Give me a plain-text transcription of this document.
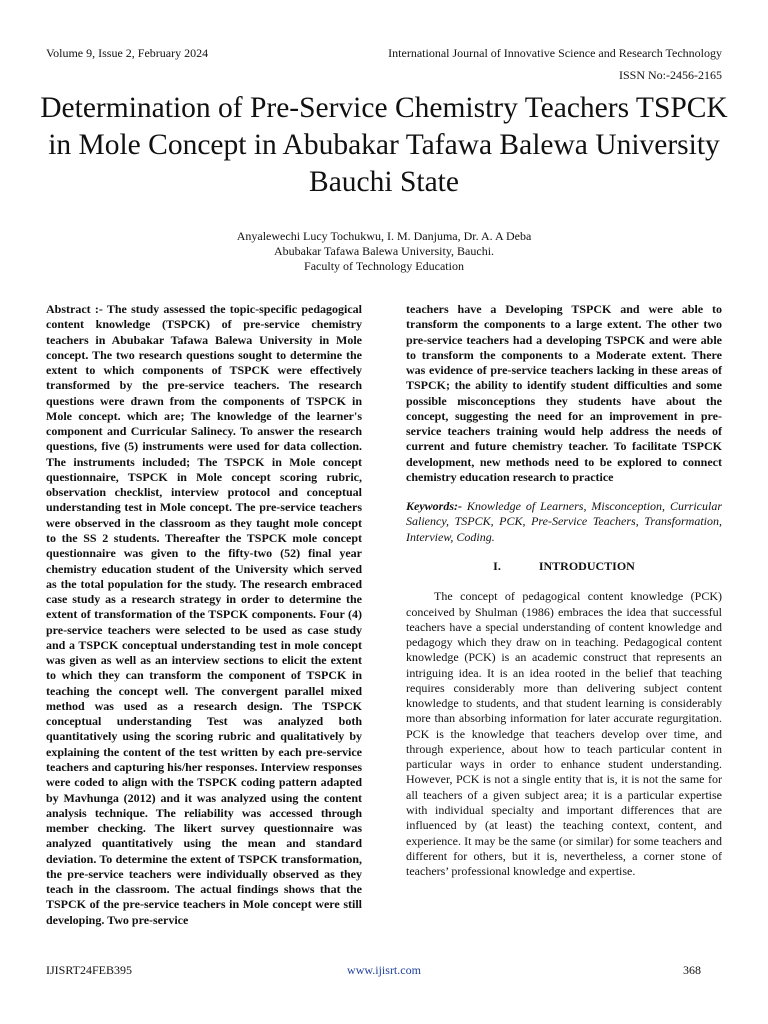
Volume 9, Issue 2, February 2024	International Journal of Innovative Science and Research Technology
ISSN No:-2456-2165
Determination of Pre-Service Chemistry Teachers TSPCK in Mole Concept in Abubakar Tafawa Balewa University Bauchi State
Anyalewechi Lucy Tochukwu, I. M. Danjuma, Dr. A. A Deba
Abubakar Tafawa Balewa University, Bauchi.
Faculty of Technology Education

Abstract :- The study assessed the topic-specific pedagogical content knowledge (TSPCK) of pre-service chemistry teachers in Abubakar Tafawa Balewa University in Mole concept. The two research questions sought to determine the extent to which components of TSPCK were effectively transformed by the pre-service teachers. The research questions were drawn from the components of TSPCK in Mole concept. which are; The knowledge of the learner's component and Curricular Salinecy. To answer the research questions, five (5) instruments were used for data collection. The instruments included; The TSPCK in Mole concept questionnaire, TSPCK in Mole concept scoring rubric, observation checklist, interview protocol and conceptual understanding test in Mole concept. The pre-service teachers were observed in the classroom as they taught mole concept to the SS 2 students. Thereafter the TSPCK mole concept questionnaire was given to the fifty-two (52) final year chemistry education student of the University which served as the total population for the study. The research embraced case study as a research strategy in order to determine the extent of transformation of the TSPCK components. Four (4) pre-service teachers were selected to be used as case study and a TSPCK conceptual understanding test in mole concept was given as well as an interview sections to elicit the extent to which they can transform the component of TSPCK in teaching the concept well. The convergent parallel mixed method was used as a research design. The TSPCK conceptual understanding Test was analyzed both quantitatively using the scoring rubric and qualitatively by explaining the content of the test written by each pre-service teachers and capturing his/her responses. Interview responses were coded to align with the TSPCK coding pattern adapted by Mavhunga (2012) and it was analyzed using the content analysis technique. The reliability was accessed through member checking. The likert survey questionnaire was analyzed quantitatively using the mean and standard deviation. To determine the extent of TSPCK transformation, the pre-service teachers were individually observed as they teach in the classroom. The actual findings shows that the TSPCK of the pre-service teachers in Mole concept were still developing. Two pre-service

teachers have a Developing TSPCK and were able to transform the components to a large extent. The other two pre-service teachers had a developing TSPCK and were able to transform the components to a Moderate extent. There was evidence of pre-service teachers lacking in these areas of TSPCK; the ability to identify student difficulties and some possible misconceptions they students have about the concept, suggesting the need for an improvement in pre-service teachers training would help address the needs of current and future chemistry teacher. To facilitate TSPCK development, new methods need to be explored to connect chemistry education research to practice

Keywords:- Knowledge of Learners, Misconception, Curricular Saliency, TSPCK, PCK, Pre-Service Teachers, Transformation, Interview, Coding.

I.	INTRODUCTION

The concept of pedagogical content knowledge (PCK) conceived by Shulman (1986) embraces the idea that successful teachers have a special understanding of content knowledge and pedagogy which they draw on in teaching. Pedagogical content knowledge (PCK) is an academic construct that represents an intriguing idea. It is an idea rooted in the belief that teaching requires considerably more than delivering subject content knowledge to students, and that student learning is considerably more than absorbing information for later accurate regurgitation. PCK is the knowledge that teachers develop over time, and through experience, about how to teach particular content in particular ways in order to enhance student understanding. However, PCK is not a single entity that is, it is not the same for all teachers of a given subject area; it is a particular expertise with individual specialty and important differences that are influenced by (at least) the teaching context, content, and experience. It may be the same (or similar) for some teachers and different for others, but it is, nevertheless, a corner stone of teachers’ professional knowledge and expertise.

IJISRT24FEB395	www.ijisrt.com	368
